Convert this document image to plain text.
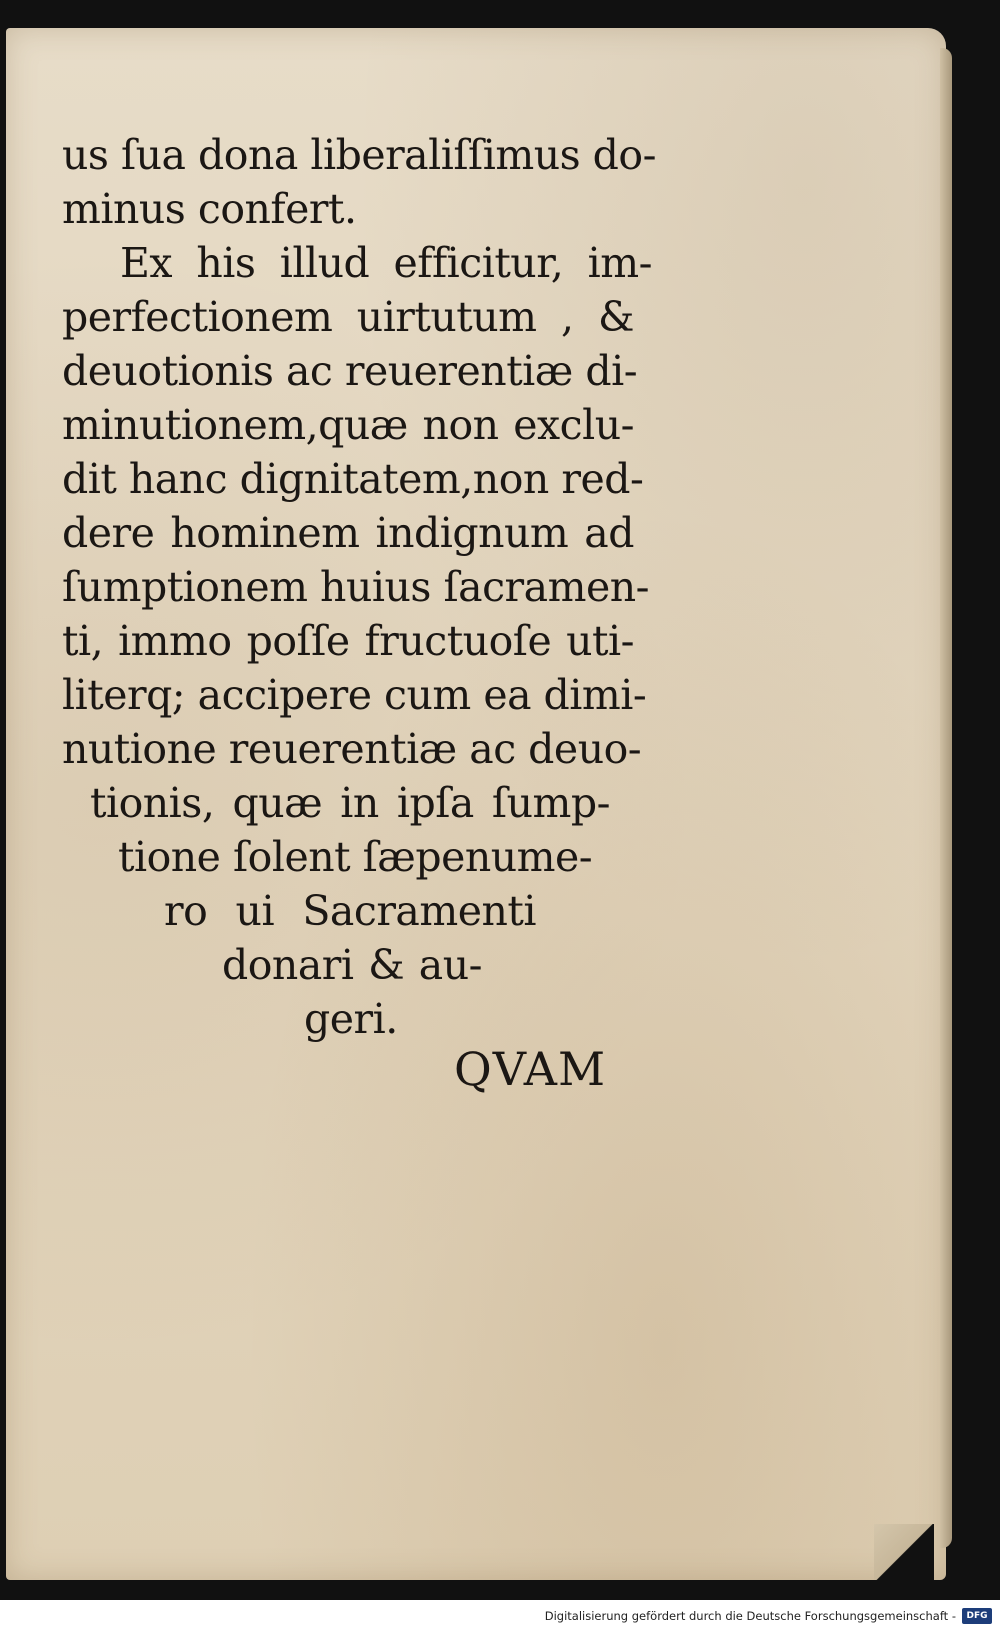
us ſua dona liberaliſſimus do-
minus confert.
Ex his illud efficitur, im-
perfectionem uirtutum , &
deuotionis ac reuerentiæ di-
minutionem,quæ non exclu-
dit hanc dignitatem,non red-
dere hominem indignum ad
ſumptionem huius ſacramen-
ti, immo poſſe fructuoſe uti-
literq; accipere cum ea dimi-
nutione reuerentiæ ac deuo-
tionis, quæ in ipſa ſump-
tione ſolent ſæpenume-
ro ui Sacramenti
donari & au-
geri.
QVAM
Digitalisierung gefördert durch die Deutsche Forschungsgemeinschaft -	DFG
